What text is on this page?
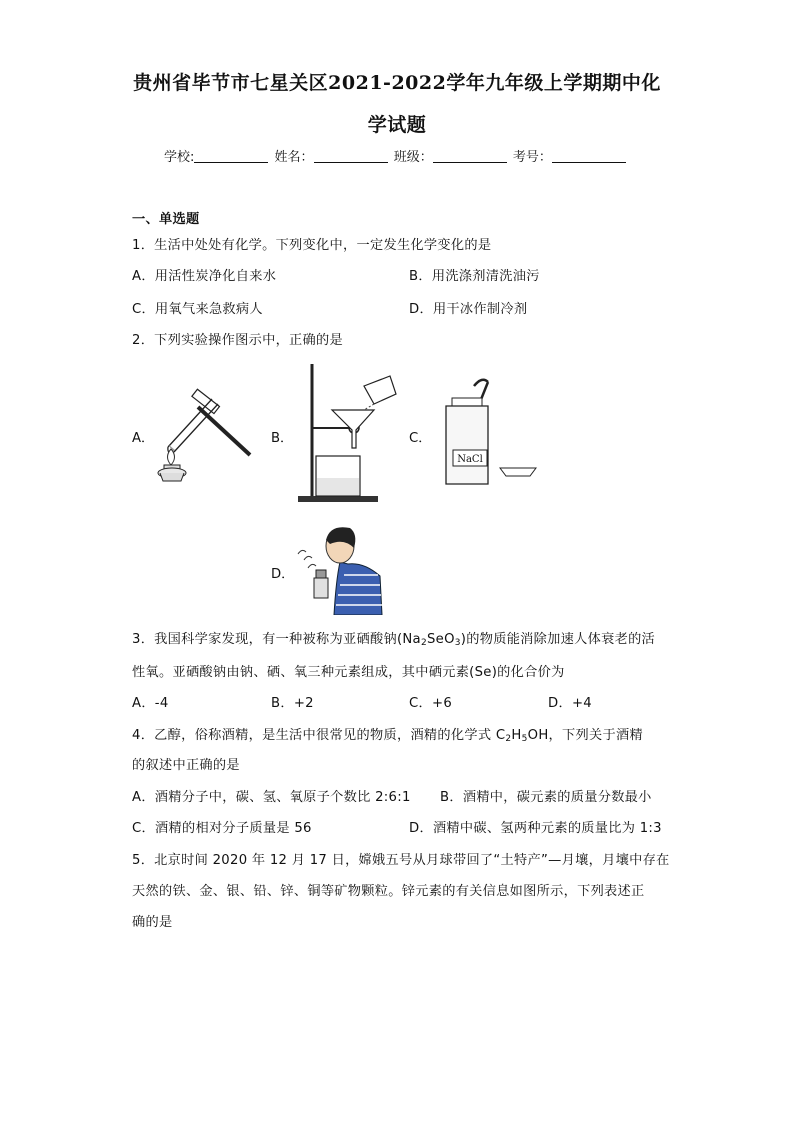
贵州省毕节市七星关区2021-2022学年九年级上学期期中化
学试题
学校:	姓名：	班级：	考号：
一、单选题
1．生活中处处有化学。下列变化中，一定发生化学变化的是
A．用活性炭净化自来水	B．用洗涤剂清洗油污
C．用氧气来急救病人	D．用干冰作制冷剂
2．下列实验操作图示中，正确的是
A．	B．	C．
NaCl
D．
3．我国科学家发现，有一种被称为亚硒酸钠$(Na_2SeO_3)$的物质能消除加速人体衰老的活
性氧。亚硒酸钠由钠、硒、氧三种元素组成，其中硒元素(Se)的化合价为
A．-4	B．+2	C．+6	D．+4
4．乙醇，俗称酒精，是生活中很常见的物质，酒精的化学式 $C_2H_5OH$，下列关于酒精
的叙述中正确的是
A．酒精分子中，碳、氢、氧原子个数比 2:6:1 B．酒精中，碳元素的质量分数最小
C．酒精的相对分子质量是 56	D．酒精中碳、氢两种元素的质量比为 1:3
5．北京时间 2020 年 12 月 17 日，嫦娥五号从月球带回了“土特产”—月壤，月壤中存在
天然的铁、金、银、铅、锌、铜等矿物颗粒。锌元素的有关信息如图所示，下列表述正
确的是
